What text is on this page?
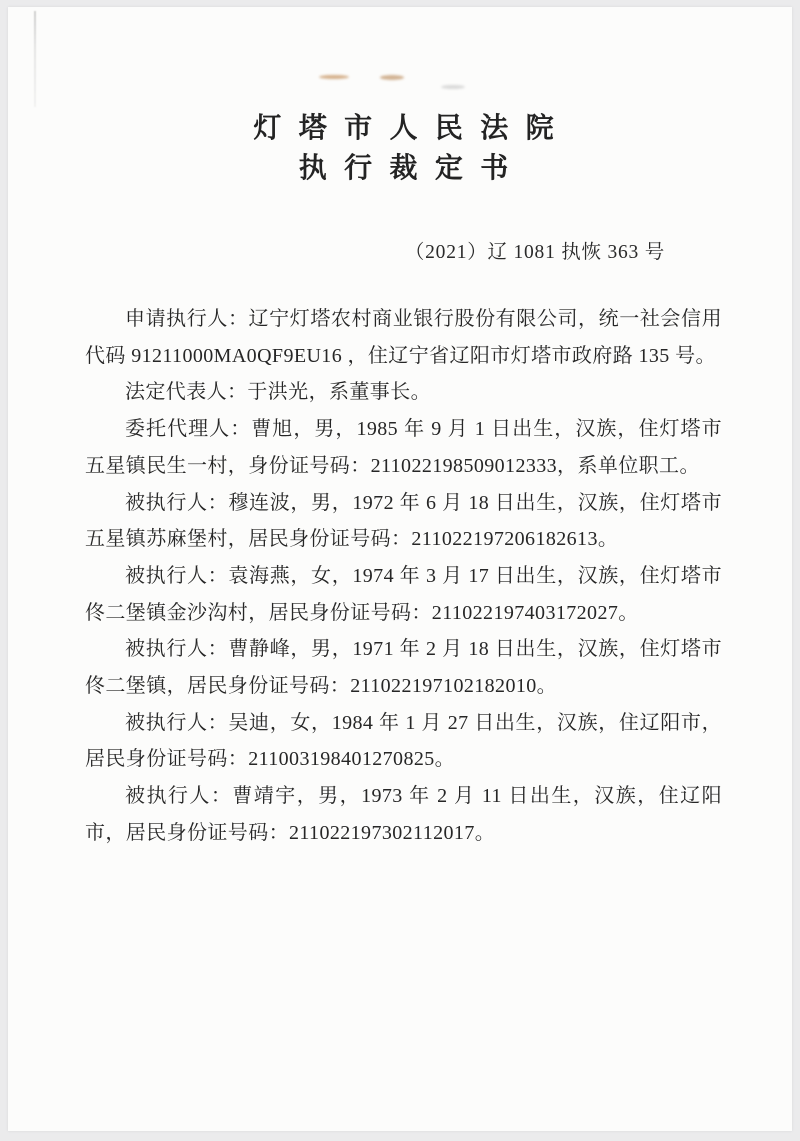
灯塔市人民法院
执行裁定书
（2021）辽 1081 执恢 363 号

申请执行人：辽宁灯塔农村商业银行股份有限公司，统一社会信用代码 91211000MA0QF9EU16 ，住辽宁省辽阳市灯塔市政府路 135 号。

法定代表人：于洪光，系董事长。

委托代理人：曹旭，男，1985 年 9 月 1 日出生，汉族，住灯塔市五星镇民生一村，身份证号码：211022198509012333，系单位职工。

被执行人：穆连波，男，1972 年 6 月 18 日出生，汉族，住灯塔市五星镇苏麻堡村，居民身份证号码：211022197206182613。

被执行人：袁海燕，女，1974 年 3 月 17 日出生，汉族，住灯塔市佟二堡镇金沙沟村，居民身份证号码：211022197403172027。

被执行人：曹静峰，男，1971 年 2 月 18 日出生，汉族，住灯塔市佟二堡镇，居民身份证号码：211022197102182010。

被执行人：吴迪，女，1984 年 1 月 27 日出生，汉族，住辽阳市，居民身份证号码：211003198401270825。

被执行人：曹靖宇，男，1973 年 2 月 11 日出生，汉族，住辽阳市，居民身份证号码：211022197302112017。
